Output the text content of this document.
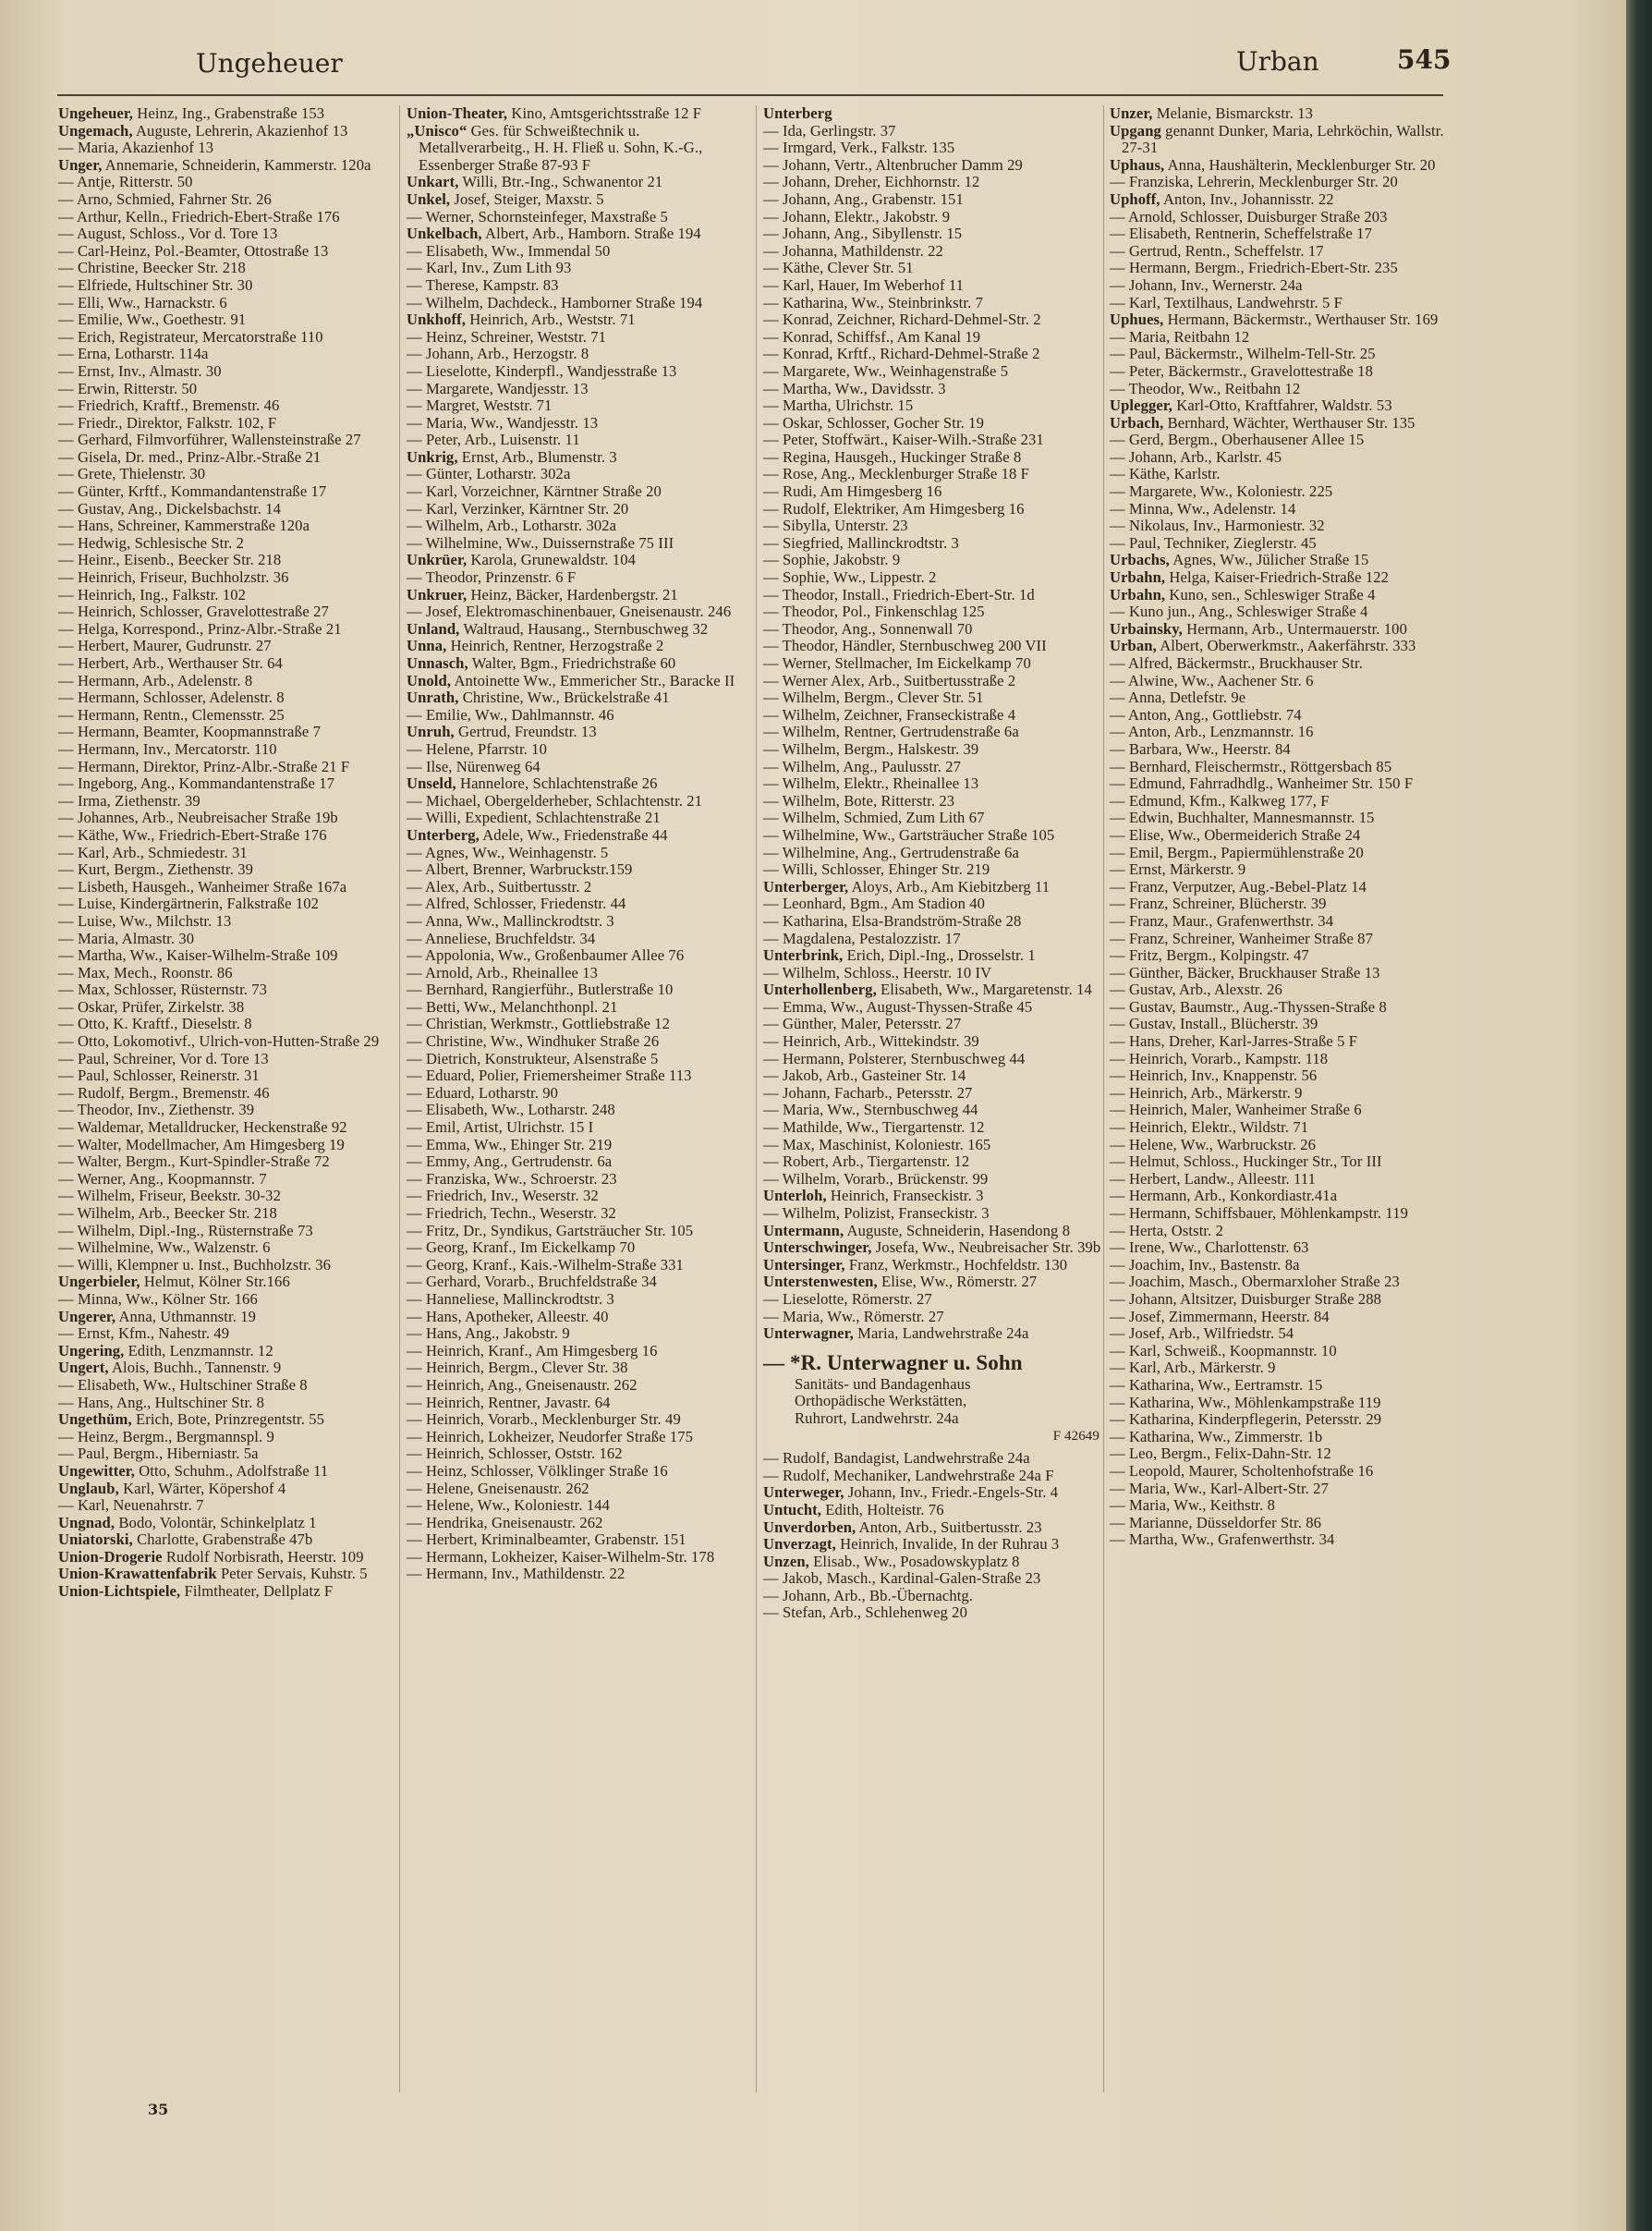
Ungeheuer	Urban	545

Ungeheuer, Heinz, Ing., Grabenstraße 153

Ungemach, Auguste, Lehrerin, Akazienhof 13

— Maria, Akazienhof 13

Unger, Annemarie, Schneiderin, Kammerstr. 120a

— Antje, Ritterstr. 50

— Arno, Schmied, Fahrner Str. 26

— Arthur, Kelln., Friedrich-Ebert-Straße 176

— August, Schloss., Vor d. Tore 13

— Carl-Heinz, Pol.-Beamter, Ottostraße 13

— Christine, Beecker Str. 218

— Elfriede, Hultschiner Str. 30

— Elli, Ww., Harnackstr. 6

— Emilie, Ww., Goethestr. 91

— Erich, Registrateur, Mercatorstraße 110

— Erna, Lotharstr. 114a

— Ernst, Inv., Almastr. 30

— Erwin, Ritterstr. 50

— Friedrich, Kraftf., Bremenstr. 46

— Friedr., Direktor, Falkstr. 102, F

— Gerhard, Filmvorführer, Wallensteinstraße 27

— Gisela, Dr. med., Prinz-Albr.-Straße 21

— Grete, Thielenstr. 30

— Günter, Krftf., Kommandantenstraße 17

— Gustav, Ang., Dickelsbachstr. 14

— Hans, Schreiner, Kammerstraße 120a

— Hedwig, Schlesische Str. 2

— Heinr., Eisenb., Beecker Str. 218

— Heinrich, Friseur, Buchholzstr. 36

— Heinrich, Ing., Falkstr. 102

— Heinrich, Schlosser, Gravelottestraße 27

— Helga, Korrespond., Prinz-Albr.-Straße 21

— Herbert, Maurer, Gudrunstr. 27

— Herbert, Arb., Werthauser Str. 64

— Hermann, Arb., Adelenstr. 8

— Hermann, Schlosser, Adelenstr. 8

— Hermann, Rentn., Clemensstr. 25

— Hermann, Beamter, Koopmannstraße 7

— Hermann, Inv., Mercatorstr. 110

— Hermann, Direktor, Prinz-Albr.-Straße 21 F

— Ingeborg, Ang., Kommandantenstraße 17

— Irma, Ziethenstr. 39

— Johannes, Arb., Neubreisacher Straße 19b

— Käthe, Ww., Friedrich-Ebert-Straße 176

— Karl, Arb., Schmiedestr. 31

— Kurt, Bergm., Ziethenstr. 39

— Lisbeth, Hausgeh., Wanheimer Straße 167a

— Luise, Kindergärtnerin, Falkstraße 102

— Luise, Ww., Milchstr. 13

— Maria, Almastr. 30

— Martha, Ww., Kaiser-Wilhelm-Straße 109

— Max, Mech., Roonstr. 86

— Max, Schlosser, Rüsternstr. 73

— Oskar, Prüfer, Zirkelstr. 38

— Otto, K. Kraftf., Dieselstr. 8

— Otto, Lokomotivf., Ulrich-von-Hutten-Straße 29

— Paul, Schreiner, Vor d. Tore 13

— Paul, Schlosser, Reinerstr. 31

— Rudolf, Bergm., Bremenstr. 46

— Theodor, Inv., Ziethenstr. 39

— Waldemar, Metalldrucker, Heckenstraße 92

— Walter, Modellmacher, Am Himgesberg 19

— Walter, Bergm., Kurt-Spindler-Straße 72

— Werner, Ang., Koopmannstr. 7

— Wilhelm, Friseur, Beekstr. 30-32

— Wilhelm, Arb., Beecker Str. 218

— Wilhelm, Dipl.-Ing., Rüsternstraße 73

— Wilhelmine, Ww., Walzenstr. 6

— Willi, Klempner u. Inst., Buchholzstr. 36

Ungerbieler, Helmut, Kölner Str.166

— Minna, Ww., Kölner Str. 166

Ungerer, Anna, Uthmannstr. 19

— Ernst, Kfm., Nahestr. 49

Ungering, Edith, Lenzmannstr. 12

Ungert, Alois, Buchh., Tannenstr. 9

— Elisabeth, Ww., Hultschiner Straße 8

— Hans, Ang., Hultschiner Str. 8

Ungethüm, Erich, Bote, Prinzregentstr. 55

— Heinz, Bergm., Bergmannspl. 9

— Paul, Bergm., Hiberniastr. 5a

Ungewitter, Otto, Schuhm., Adolfstraße 11

Unglaub, Karl, Wärter, Köpershof 4

— Karl, Neuenahrstr. 7

Ungnad, Bodo, Volontär, Schinkelplatz 1

Uniatorski, Charlotte, Grabenstraße 47b

Union-Drogerie Rudolf Norbisrath, Heerstr. 109

Union-Krawattenfabrik Peter Servais, Kuhstr. 5

Union-Lichtspiele, Filmtheater, Dellplatz F

Union-Theater, Kino, Amtsgerichtsstraße 12 F

„Unisco“ Ges. für Schweißtechnik u. Metallverarbeitg., H. H. Fließ u. Sohn, K.-G., Essenberger Straße 87-93 F

Unkart, Willi, Btr.-Ing., Schwanentor 21

Unkel, Josef, Steiger, Maxstr. 5

— Werner, Schornsteinfeger, Maxstraße 5

Unkelbach, Albert, Arb., Hamborn. Straße 194

— Elisabeth, Ww., Immendal 50

— Karl, Inv., Zum Lith 93

— Therese, Kampstr. 83

— Wilhelm, Dachdeck., Hamborner Straße 194

Unkhoff, Heinrich, Arb., Weststr. 71

— Heinz, Schreiner, Weststr. 71

— Johann, Arb., Herzogstr. 8

— Lieselotte, Kinderpfl., Wandjesstraße 13

— Margarete, Wandjesstr. 13

— Margret, Weststr. 71

— Maria, Ww., Wandjesstr. 13

— Peter, Arb., Luisenstr. 11

Unkrig, Ernst, Arb., Blumenstr. 3

— Günter, Lotharstr. 302a

— Karl, Vorzeichner, Kärntner Straße 20

— Karl, Verzinker, Kärntner Str. 20

— Wilhelm, Arb., Lotharstr. 302a

— Wilhelmine, Ww., Duissernstraße 75 III

Unkrüer, Karola, Grunewaldstr. 104

— Theodor, Prinzenstr. 6 F

Unkruer, Heinz, Bäcker, Hardenbergstr. 21

— Josef, Elektromaschinenbauer, Gneisenaustr. 246

Unland, Waltraud, Hausang., Sternbuschweg 32

Unna, Heinrich, Rentner, Herzogstraße 2

Unnasch, Walter, Bgm., Friedrichstraße 60

Unold, Antoinette Ww., Emmericher Str., Baracke II

Unrath, Christine, Ww., Brückelstraße 41

— Emilie, Ww., Dahlmannstr. 46

Unruh, Gertrud, Freundstr. 13

— Helene, Pfarrstr. 10

— Ilse, Nürenweg 64

Unseld, Hannelore, Schlachtenstraße 26

— Michael, Obergelderheber, Schlachtenstr. 21

— Willi, Expedient, Schlachtenstraße 21

Unterberg, Adele, Ww., Friedenstraße 44

— Agnes, Ww., Weinhagenstr. 5

— Albert, Brenner, Warbruckstr.159

— Alex, Arb., Suitbertusstr. 2

— Alfred, Schlosser, Friedenstr. 44

— Anna, Ww., Mallinckrodtstr. 3

— Anneliese, Bruchfeldstr. 34

— Appolonia, Ww., Großenbaumer Allee 76

— Arnold, Arb., Rheinallee 13

— Bernhard, Rangierführ., Butlerstraße 10

— Betti, Ww., Melanchthonpl. 21

— Christian, Werkmstr., Gottliebstraße 12

— Christine, Ww., Windhuker Straße 26

— Dietrich, Konstrukteur, Alsenstraße 5

— Eduard, Polier, Friemersheimer Straße 113

— Eduard, Lotharstr. 90

— Elisabeth, Ww., Lotharstr. 248

— Emil, Artist, Ulrichstr. 15 I

— Emma, Ww., Ehinger Str. 219

— Emmy, Ang., Gertrudenstr. 6a

— Franziska, Ww., Schroerstr. 23

— Friedrich, Inv., Weserstr. 32

— Friedrich, Techn., Weserstr. 32

— Fritz, Dr., Syndikus, Gartsträucher Str. 105

— Georg, Kranf., Im Eickelkamp 70

— Georg, Kranf., Kais.-Wilhelm-Straße 331

— Gerhard, Vorarb., Bruchfeldstraße 34

— Hanneliese, Mallinckrodtstr. 3

— Hans, Apotheker, Alleestr. 40

— Hans, Ang., Jakobstr. 9

— Heinrich, Kranf., Am Himgesberg 16

— Heinrich, Bergm., Clever Str. 38

— Heinrich, Ang., Gneisenaustr. 262

— Heinrich, Rentner, Javastr. 64

— Heinrich, Vorarb., Mecklenburger Str. 49

— Heinrich, Lokheizer, Neudorfer Straße 175

— Heinrich, Schlosser, Oststr. 162

— Heinz, Schlosser, Völklinger Straße 16

— Helene, Gneisenaustr. 262

— Helene, Ww., Koloniestr. 144

— Hendrika, Gneisenaustr. 262

— Herbert, Kriminalbeamter, Grabenstr. 151

— Hermann, Lokheizer, Kaiser-Wilhelm-Str. 178

— Hermann, Inv., Mathildenstr. 22

Unterberg

— Ida, Gerlingstr. 37

— Irmgard, Verk., Falkstr. 135

— Johann, Vertr., Altenbrucher Damm 29

— Johann, Dreher, Eichhornstr. 12

— Johann, Ang., Grabenstr. 151

— Johann, Elektr., Jakobstr. 9

— Johann, Ang., Sibyllenstr. 15

— Johanna, Mathildenstr. 22

— Käthe, Clever Str. 51

— Karl, Hauer, Im Weberhof 11

— Katharina, Ww., Steinbrinkstr. 7

— Konrad, Zeichner, Richard-Dehmel-Str. 2

— Konrad, Schiffsf., Am Kanal 19

— Konrad, Krftf., Richard-Dehmel-Straße 2

— Margarete, Ww., Weinhagenstraße 5

— Martha, Ww., Davidsstr. 3

— Martha, Ulrichstr. 15

— Oskar, Schlosser, Gocher Str. 19

— Peter, Stoffwärt., Kaiser-Wilh.-Straße 231

— Regina, Hausgeh., Huckinger Straße 8

— Rose, Ang., Mecklenburger Straße 18 F

— Rudi, Am Himgesberg 16

— Rudolf, Elektriker, Am Himgesberg 16

— Sibylla, Unterstr. 23

— Siegfried, Mallinckrodtstr. 3

— Sophie, Jakobstr. 9

— Sophie, Ww., Lippestr. 2

— Theodor, Install., Friedrich-Ebert-Str. 1d

— Theodor, Pol., Finkenschlag 125

— Theodor, Ang., Sonnenwall 70

— Theodor, Händler, Sternbuschweg 200 VII

— Werner, Stellmacher, Im Eickelkamp 70

— Werner Alex, Arb., Suitbertusstraße 2

— Wilhelm, Bergm., Clever Str. 51

— Wilhelm, Zeichner, Franseckistraße 4

— Wilhelm, Rentner, Gertrudenstraße 6a

— Wilhelm, Bergm., Halskestr. 39

— Wilhelm, Ang., Paulusstr. 27

— Wilhelm, Elektr., Rheinallee 13

— Wilhelm, Bote, Ritterstr. 23

— Wilhelm, Schmied, Zum Lith 67

— Wilhelmine, Ww., Gartsträucher Straße 105

— Wilhelmine, Ang., Gertrudenstraße 6a

— Willi, Schlosser, Ehinger Str. 219

Unterberger, Aloys, Arb., Am Kiebitzberg 11

— Leonhard, Bgm., Am Stadion 40

— Katharina, Elsa-Brandström-Straße 28

— Magdalena, Pestalozzistr. 17

Unterbrink, Erich, Dipl.-Ing., Drosselstr. 1

— Wilhelm, Schloss., Heerstr. 10 IV

Unterhollenberg, Elisabeth, Ww., Margaretenstr. 14

— Emma, Ww., August-Thyssen-Straße 45

— Günther, Maler, Petersstr. 27

— Heinrich, Arb., Wittekindstr. 39

— Hermann, Polsterer, Sternbuschweg 44

— Jakob, Arb., Gasteiner Str. 14

— Johann, Facharb., Petersstr. 27

— Maria, Ww., Sternbuschweg 44

— Mathilde, Ww., Tiergartenstr. 12

— Max, Maschinist, Koloniestr. 165

— Robert, Arb., Tiergartenstr. 12

— Wilhelm, Vorarb., Brückenstr. 99

Unterloh, Heinrich, Franseckistr. 3

— Wilhelm, Polizist, Franseckistr. 3

Untermann, Auguste, Schneiderin, Hasendong 8

Unterschwinger, Josefa, Ww., Neubreisacher Str. 39b

Untersinger, Franz, Werkmstr., Hochfeldstr. 130

Unterstenwesten, Elise, Ww., Römerstr. 27

— Lieselotte, Römerstr. 27

— Maria, Ww., Römerstr. 27

Unterwagner, Maria, Landwehrstraße 24a

— *R. Unterwagner u. Sohn
Sanitäts- und Bandagenhaus
Orthopädische Werkstätten,
Ruhrort, Landwehrstr. 24a
F 42649

— Rudolf, Bandagist, Landwehrstraße 24a

— Rudolf, Mechaniker, Landwehrstraße 24a F

Unterweger, Johann, Inv., Friedr.-Engels-Str. 4

Untucht, Edith, Holteistr. 76

Unverdorben, Anton, Arb., Suitbertusstr. 23

Unverzagt, Heinrich, Invalide, In der Ruhrau 3

Unzen, Elisab., Ww., Posadowskyplatz 8

— Jakob, Masch., Kardinal-Galen-Straße 23

— Johann, Arb., Bb.-Übernachtg.

— Stefan, Arb., Schlehenweg 20

Unzer, Melanie, Bismarckstr. 13

Upgang genannt Dunker, Maria, Lehrköchin, Wallstr. 27-31

Uphaus, Anna, Haushälterin, Mecklenburger Str. 20

— Franziska, Lehrerin, Mecklenburger Str. 20

Uphoff, Anton, Inv., Johannisstr. 22

— Arnold, Schlosser, Duisburger Straße 203

— Elisabeth, Rentnerin, Scheffelstraße 17

— Gertrud, Rentn., Scheffelstr. 17

— Hermann, Bergm., Friedrich-Ebert-Str. 235

— Johann, Inv., Wernerstr. 24a

— Karl, Textilhaus, Landwehrstr. 5 F

Uphues, Hermann, Bäckermstr., Werthauser Str. 169

— Maria, Reitbahn 12

— Paul, Bäckermstr., Wilhelm-Tell-Str. 25

— Peter, Bäckermstr., Gravelottestraße 18

— Theodor, Ww., Reitbahn 12

Uplegger, Karl-Otto, Kraftfahrer, Waldstr. 53

Urbach, Bernhard, Wächter, Werthauser Str. 135

— Gerd, Bergm., Oberhausener Allee 15

— Johann, Arb., Karlstr. 45

— Käthe, Karlstr.

— Margarete, Ww., Koloniestr. 225

— Minna, Ww., Adelenstr. 14

— Nikolaus, Inv., Harmoniestr. 32

— Paul, Techniker, Zieglerstr. 45

Urbachs, Agnes, Ww., Jülicher Straße 15

Urbahn, Helga, Kaiser-Friedrich-Straße 122

Urbahn, Kuno, sen., Schleswiger Straße 4

— Kuno jun., Ang., Schleswiger Straße 4

Urbainsky, Hermann, Arb., Untermauerstr. 100

Urban, Albert, Oberwerkmstr., Aakerfährstr. 333

— Alfred, Bäckermstr., Bruckhauser Str.

— Alwine, Ww., Aachener Str. 6

— Anna, Detlefstr. 9e

— Anton, Ang., Gottliebstr. 74

— Anton, Arb., Lenzmannstr. 16

— Barbara, Ww., Heerstr. 84

— Bernhard, Fleischermstr., Röttgersbach 85

— Edmund, Fahrradhdlg., Wanheimer Str. 150 F

— Edmund, Kfm., Kalkweg 177, F

— Edwin, Buchhalter, Mannesmannstr. 15

— Elise, Ww., Obermeiderich Straße 24

— Emil, Bergm., Papiermühlenstraße 20

— Ernst, Märkerstr. 9

— Franz, Verputzer, Aug.-Bebel-Platz 14

— Franz, Schreiner, Blücherstr. 39

— Franz, Maur., Grafenwerthstr. 34

— Franz, Schreiner, Wanheimer Straße 87

— Fritz, Bergm., Kolpingstr. 47

— Günther, Bäcker, Bruckhauser Straße 13

— Gustav, Arb., Alexstr. 26

— Gustav, Baumstr., Aug.-Thyssen-Straße 8

— Gustav, Install., Blücherstr. 39

— Hans, Dreher, Karl-Jarres-Straße 5 F

— Heinrich, Vorarb., Kampstr. 118

— Heinrich, Inv., Knappenstr. 56

— Heinrich, Arb., Märkerstr. 9

— Heinrich, Maler, Wanheimer Straße 6

— Heinrich, Elektr., Wildstr. 71

— Helene, Ww., Warbruckstr. 26

— Helmut, Schloss., Huckinger Str., Tor III

— Herbert, Landw., Alleestr. 111

— Hermann, Arb., Konkordiastr.41a

— Hermann, Schiffsbauer, Möhlenkampstr. 119

— Herta, Oststr. 2

— Irene, Ww., Charlottenstr. 63

— Joachim, Inv., Bastenstr. 8a

— Joachim, Masch., Obermarxloher Straße 23

— Johann, Altsitzer, Duisburger Straße 288

— Josef, Zimmermann, Heerstr. 84

— Josef, Arb., Wilfriedstr. 54

— Karl, Schweiß., Koopmannstr. 10

— Karl, Arb., Märkerstr. 9

— Katharina, Ww., Eertramstr. 15

— Katharina, Ww., Möhlenkampstraße 119

— Katharina, Kinderpflegerin, Petersstr. 29

— Katharina, Ww., Zimmerstr. 1b

— Leo, Bergm., Felix-Dahn-Str. 12

— Leopold, Maurer, Scholtenhofstraße 16

— Maria, Ww., Karl-Albert-Str. 27

— Maria, Ww., Keithstr. 8

— Marianne, Düsseldorfer Str. 86

— Martha, Ww., Grafenwerthstr. 34

35
